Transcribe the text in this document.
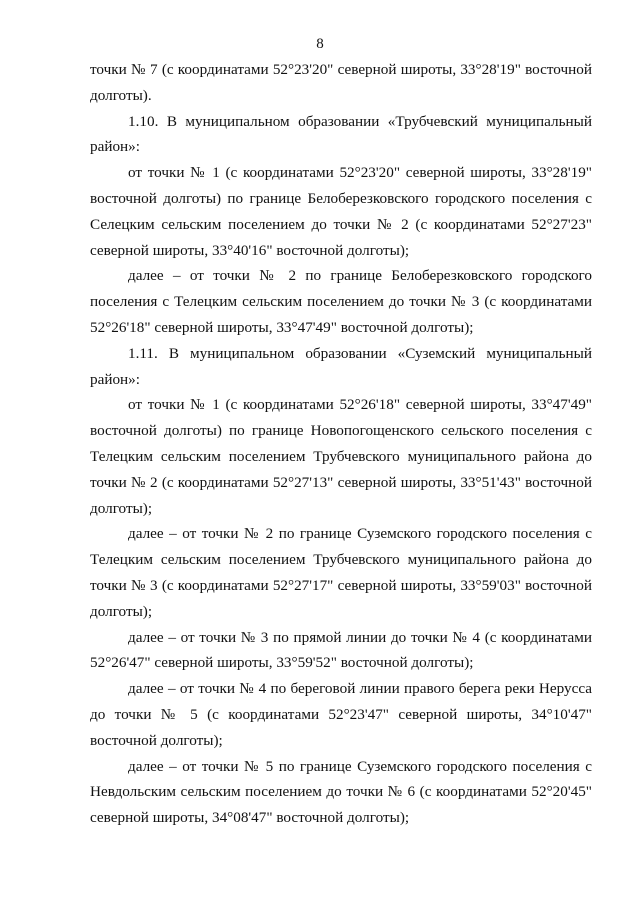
8

точки № 7 (с координатами 52°23'20" северной широты, 33°28'19" восточной долготы).

1.10. В муниципальном образовании «Трубчевский муниципальный район»:

от точки № 1 (с координатами 52°23'20" северной широты, 33°28'19" восточной долготы) по границе Белоберезковского городского поселения с Селецким сельским поселением до точки № 2 (с координатами 52°27'23" северной широты, 33°40'16" восточной долготы);

далее – от точки № 2 по границе Белоберезковского городского поселения с Телецким сельским поселением до точки № 3 (с координатами 52°26'18" северной широты, 33°47'49" восточной долготы);

1.11. В муниципальном образовании «Суземский муниципальный район»:

от точки № 1 (с координатами 52°26'18" северной широты, 33°47'49" восточной долготы) по границе Новопогощенского сельского поселения с Телецким сельским поселением Трубчевского муниципального района до точки № 2 (с координатами 52°27'13" северной широты, 33°51'43" восточной долготы);

далее – от точки № 2 по границе Суземского городского поселения с Телецким сельским поселением Трубчевского муниципального района до точки № 3 (с координатами 52°27'17" северной широты, 33°59'03" восточной долготы);

далее – от точки № 3 по прямой линии до точки № 4 (с координатами 52°26'47" северной широты, 33°59'52" восточной долготы);

далее – от точки № 4 по береговой линии правого берега реки Нерусса до точки № 5 (с координатами 52°23'47" северной широты, 34°10'47" восточной долготы);

далее – от точки № 5 по границе Суземского городского поселения с Невдольским сельским поселением до точки № 6 (с координатами 52°20'45" северной широты, 34°08'47" восточной долготы);
